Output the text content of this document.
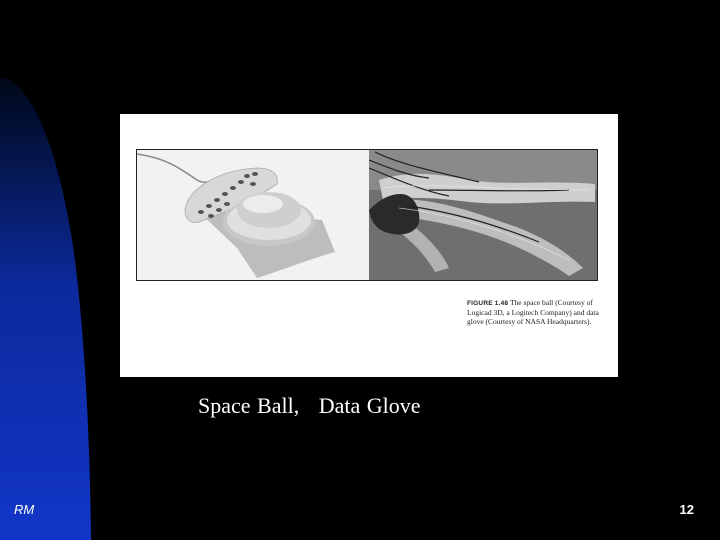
FIGURE 1.48 The space ball (Courtesy of Logicad 3D, a Logitech Company) and data glove (Courtesy of NASA Headquarters).
Space Ball,   Data Glove
RM	12
